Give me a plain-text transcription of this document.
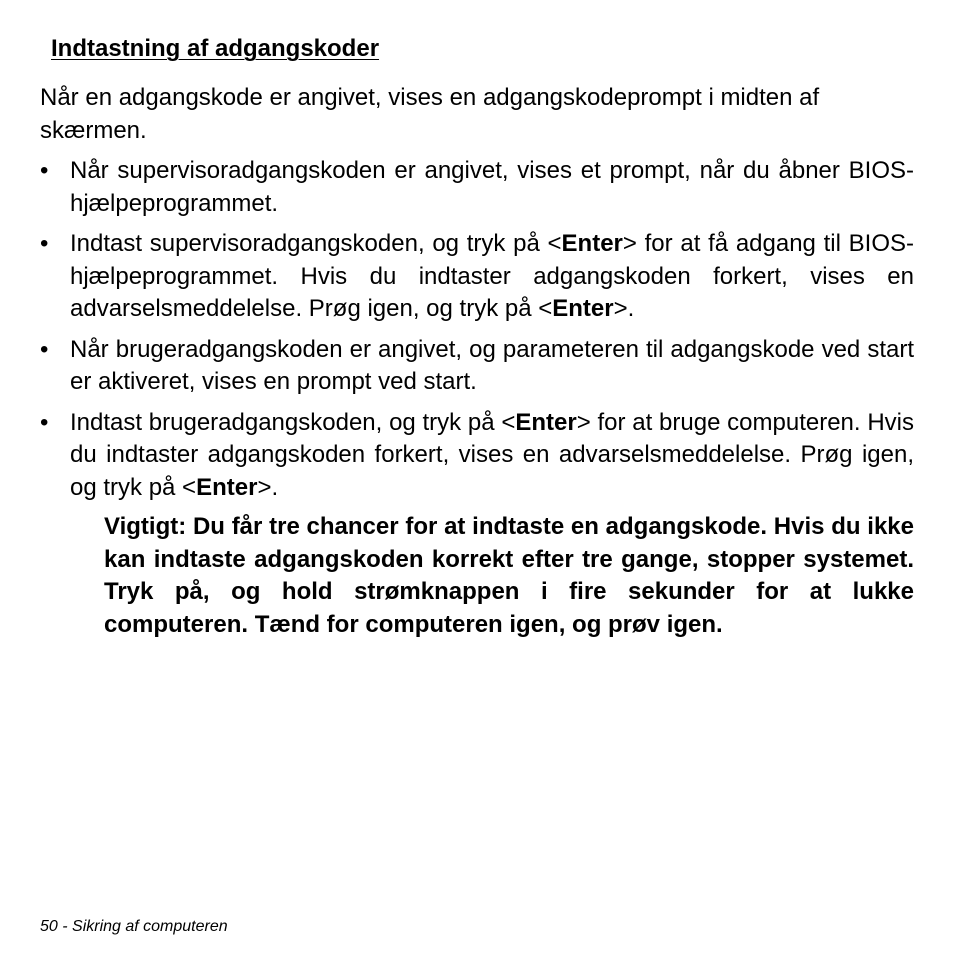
Indtastning af adgangskoder

Når en adgangskode er angivet, vises en adgangskodeprompt i midten af skærmen.

• Når supervisoradgangskoden er angivet, vises et prompt, når du åbner BIOS-hjælpeprogrammet.
• Indtast supervisoradgangskoden, og tryk på <Enter> for at få adgang til BIOS-hjælpeprogrammet. Hvis du indtaster adgangskoden forkert, vises en advarselsmeddelelse. Prøg igen, og tryk på <Enter>.
• Når brugeradgangskoden er angivet, og parameteren til adgangskode ved start er aktiveret, vises en prompt ved start.
• Indtast brugeradgangskoden, og tryk på <Enter> for at bruge computeren. Hvis du indtaster adgangskoden forkert, vises en advarselsmeddelelse. Prøg igen, og tryk på <Enter>.

Vigtigt: Du får tre chancer for at indtaste en adgangskode. Hvis du ikke kan indtaste adgangskoden korrekt efter tre gange, stopper systemet. Tryk på, og hold strømknappen i fire sekunder for at lukke computeren. Tænd for computeren igen, og prøv igen.

50 - Sikring af computeren
